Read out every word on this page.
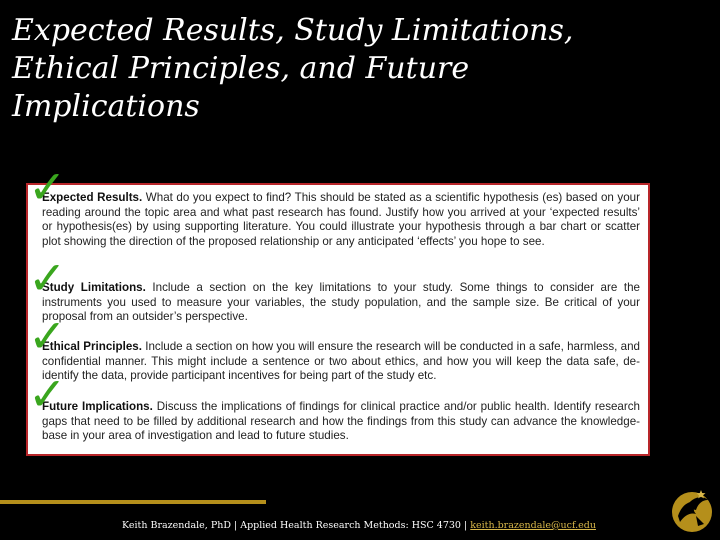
Expected Results, Study Limitations,
Ethical Principles, and Future
Implications
Expected Results. What do you expect to find? This should be stated as a scientific hypothesis (es) based on your reading around the topic area and what past research has found. Justify how you arrived at your ‘expected results’ or hypothesis(es) by using supporting literature. You could illustrate your hypothesis through a bar chart or scatter plot showing the direction of the proposed relationship or any anticipated ‘effects’ you hope to see.
Study Limitations. Include a section on the key limitations to your study. Some things to consider are the instruments you used to measure your variables, the study population, and the sample size. Be critical of your proposal from an outsider’s perspective.
Ethical Principles. Include a section on how you will ensure the research will be conducted in a safe, harmless, and confidential manner. This might include a sentence or two about ethics, and how you will keep the data safe, de-identify the data, provide participant incentives for being part of the study etc.
Future Implications. Discuss the implications of findings for clinical practice and/or public health. Identify research gaps that need to be filled by additional research and how the findings from this study can advance the knowledge-base in your area of investigation and lead to future studies.
✓
✓
✓
✓
Keith Brazendale, PhD | Applied Health Research Methods: HSC 4730 | keith.brazendale@ucf.edu
